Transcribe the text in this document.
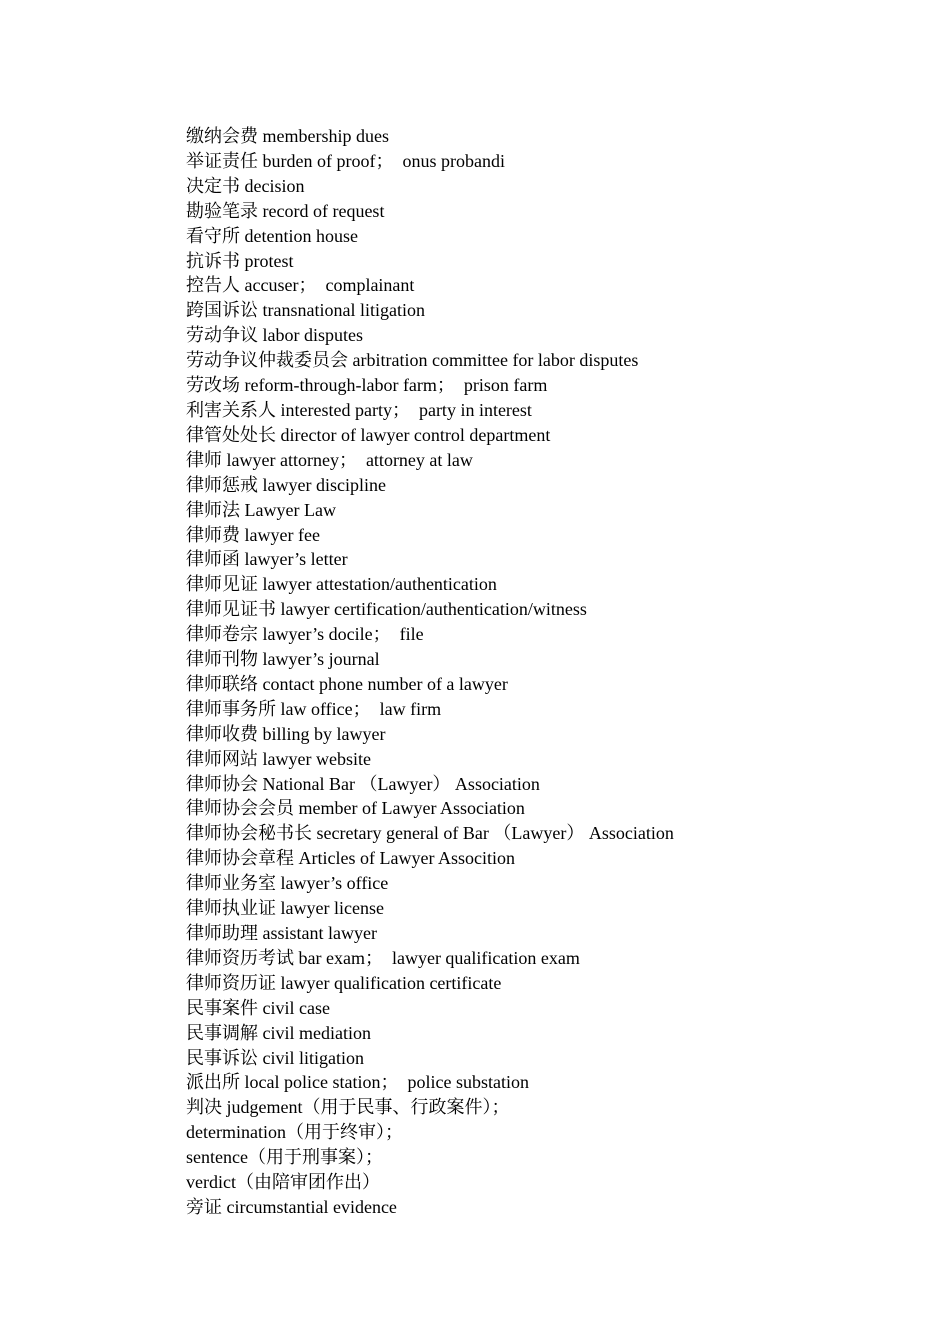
缴纳会费 membership dues
举证责任 burden of proof；　onus probandi
决定书 decision
勘验笔录 record of request
看守所 detention house
抗诉书 protest
控告人 accuser；　complainant
跨国诉讼 transnational litigation
劳动争议 labor disputes
劳动争议仲裁委员会 arbitration committee for labor disputes
劳改场 reform-through-labor farm；　prison farm
利害关系人 interested party；　party in interest
律管处处长 director of lawyer control department
律师 lawyer attorney；　attorney at law
律师惩戒 lawyer discipline
律师法 Lawyer Law
律师费 lawyer fee
律师函 lawyer’s letter
律师见证 lawyer attestation/authentication
律师见证书 lawyer certification/authentication/witness
律师卷宗 lawyer’s docile；　file
律师刊物 lawyer’s journal
律师联络 contact phone number of a lawyer
律师事务所 law office；　law firm
律师收费 billing by lawyer
律师网站 lawyer website
律师协会 National Bar （Lawyer） Association
律师协会会员 member of Lawyer Association
律师协会秘书长 secretary general of Bar （Lawyer） Association
律师协会章程 Articles of Lawyer Assocition
律师业务室 lawyer’s office
律师执业证 lawyer license
律师助理 assistant lawyer
律师资历考试 bar exam；　lawyer qualification exam
律师资历证 lawyer qualification certificate
民事案件 civil case
民事调解 civil mediation
民事诉讼 civil litigation
派出所 local police station；　police substation
判决 judgement（用于民事、行政案件）；
determination（用于终审）；
sentence（用于刑事案）；
verdict（由陪审团作出）
旁证 circumstantial evidence
